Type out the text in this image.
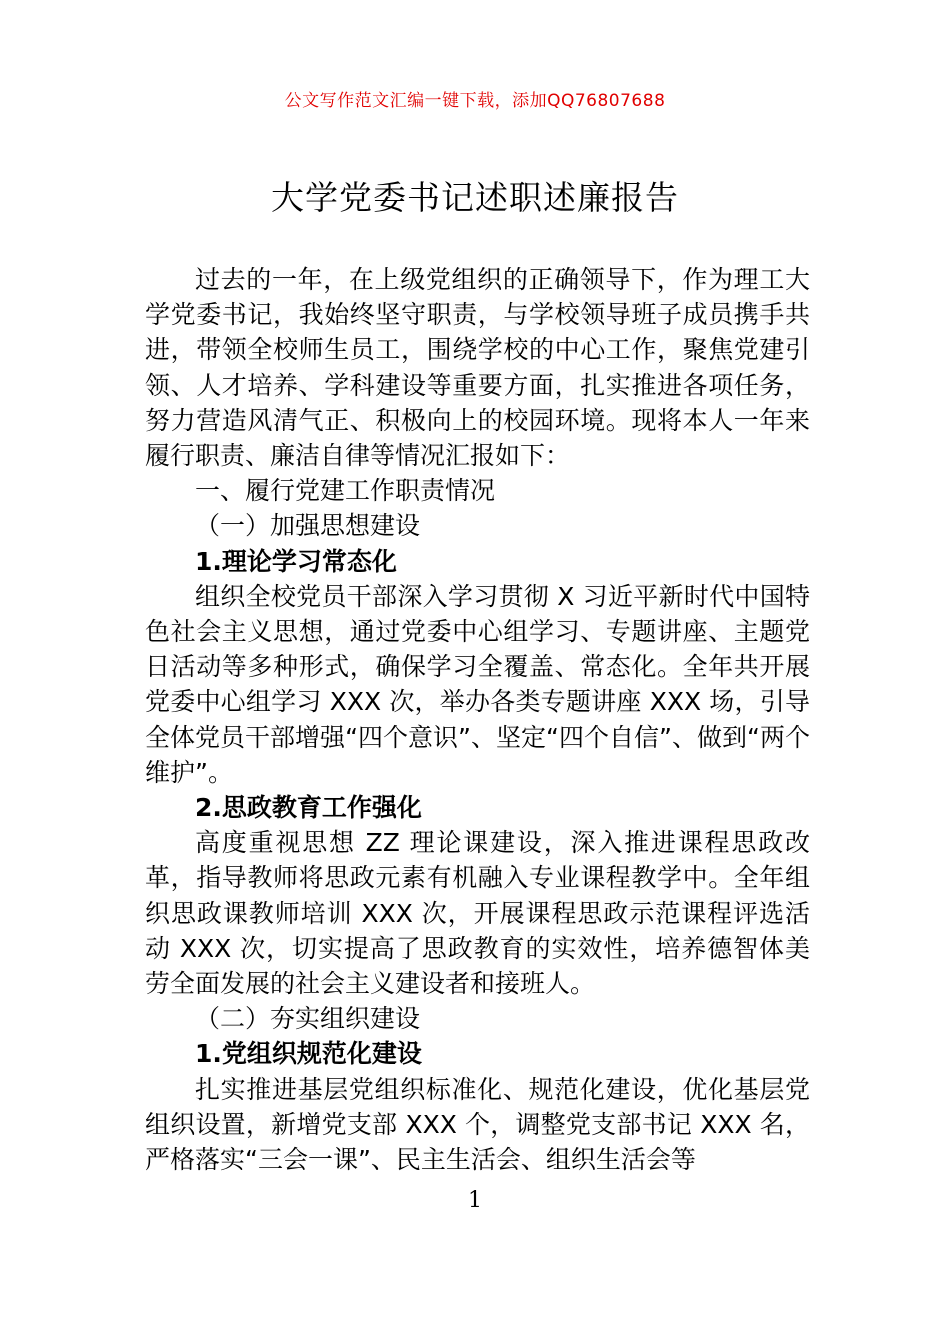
公文写作范文汇编一键下载，添加QQ76807688
大学党委书记述职述廉报告

过去的一年，在上级党组织的正确领导下，作为理工大学党委书记，我始终坚守职责，与学校领导班子成员携手共进，带领全校师生员工，围绕学校的中心工作，聚焦党建引领、人才培养、学科建设等重要方面，扎实推进各项任务，努力营造风清气正、积极向上的校园环境。现将本人一年来履行职责、廉洁自律等情况汇报如下：

一、履行党建工作职责情况

（一）加强思想建设

1.理论学习常态化

组织全校党员干部深入学习贯彻 X 习近平新时代中国特色社会主义思想，通过党委中心组学习、专题讲座、主题党日活动等多种形式，确保学习全覆盖、常态化。全年共开展党委中心组学习 XXX 次，举办各类专题讲座 XXX 场，引导全体党员干部增强“四个意识”、坚定“四个自信”、做到“两个维护”。

2.思政教育工作强化

高度重视思想 ZZ 理论课建设，深入推进课程思政改革，指导教师将思政元素有机融入专业课程教学中。全年组织思政课教师培训 XXX 次，开展课程思政示范课程评选活动 XXX 次，切实提高了思政教育的实效性，培养德智体美劳全面发展的社会主义建设者和接班人。

（二）夯实组织建设

1.党组织规范化建设

扎实推进基层党组织标准化、规范化建设，优化基层党组织设置，新增党支部 XXX 个，调整党支部书记 XXX 名，严格落实“三会一课”、民主生活会、组织生活会等

1
